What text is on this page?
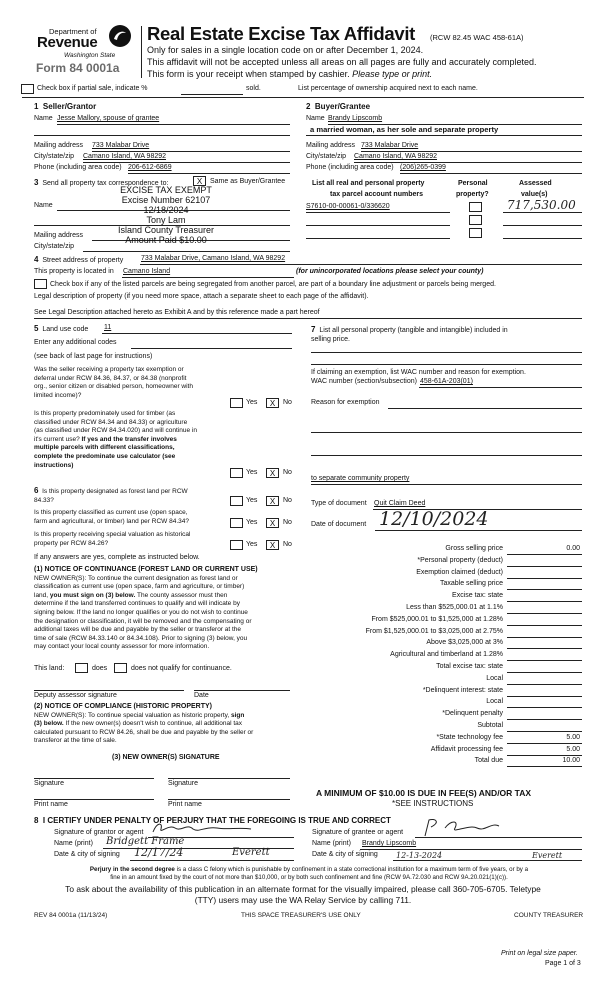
Department of
Revenue
Washington State
Form 84 0001a
Real Estate Excise Tax Affidavit (RCW 82.45 WAC 458-61A)
Only for sales in a single location code on or after December 1, 2024.
This affidavit will not be accepted unless all areas on all pages are fully and accurately completed.
This form is your receipt when stamped by cashier. Please type or print.
Check box if partial sale, indicate %	sold.	List percentage of ownership acquired next to each name.
1 Seller/Grantor
Name Jesse Mallory, spouse of grantee
Mailing address 733 Malabar Drive
City/state/zip Camano Island, WA 98292
Phone (including area code) 206-612-6869
2 Buyer/Grantee
Name Brandy Lipscomb
a married woman, as her sole and separate property
Mailing address 733 Malabar Drive
City/state/zip Camano Island, WA 98292
Phone (including area code) (206)265-0399
3 Send all property tax correspondence to:	X	Same as Buyer/Grantee
Name
Mailing address
City/state/zip
EXCISE TAX EXEMPT
Excise Number 62107
12/18/2024
Tony Lam
Island County Treasurer
Amount Paid $10.00
List all real and personal property
tax parcel account numbers
Personal
property?
Assessed
value(s)
S7610-00-00061-0/336620	717,530.00
4 Street address of property	733 Malabar Drive, Camano Island, WA 98292
This property is located in Camano Island	(for unincorporated locations please select your county)
Check box if any of the listed parcels are being segregated from another parcel, are part of a boundary line adjustment or parcels being merged.
Legal description of property (if you need more space, attach a separate sheet to each page of the affidavit).
See Legal Description attached hereto as Exhibit A and by this reference made a part hereof
5 Land use code 11
Enter any additional codes
(see back of last page for instructions)
Was the seller receiving a property tax exemption or
deferral under RCW 84.36, 84.37, or 84.38 (nonprofit
org., senior citizen or disabled person, homeowner with
limited income)?
Yes	X	No
Is this property predominately used for timber (as
classified under RCW 84.34 and 84.33) or agriculture
(as classified under RCW 84.34.020) and will continue in
it's current use? If yes and the transfer involves
multiple parcels with different classifications,
complete the predominate use calculator (see
instructions)
Yes	X	No
7 List all personal property (tangible and intangible) included in
selling price.
If claiming an exemption, list WAC number and reason for exemption.
WAC number (section/subsection) 458-61A-203(01)
Reason for exemption
to separate community property
Type of document Quit Claim Deed
Date of document 12/10/2024
6 Is this property designated as forest land per RCW
84.33?	Yes	X	No
Is this property classified as current use (open space,
farm and agricultural, or timber) land per RCW 84.34?	Yes	X	No
Is this property receiving special valuation as historical
property per RCW 84.26?	Yes	X	No
If any answers are yes, complete as instructed below.
(1) NOTICE OF CONTINUANCE (FOREST LAND OR CURRENT USE)
NEW OWNER(S): To continue the current designation as forest land or
classification as current use (open space, farm and agriculture, or timber)
land, you must sign on (3) below. The county assessor must then
determine if the land transferred continues to qualify and will indicate by
signing below. If the land no longer qualifies or you do not wish to continue
the designation or classification, it will be removed and the compensating or
additional taxes will be due and payable by the seller or transferor at the
time of sale (RCW 84.33.140 or 84.34.108). Prior to signing (3) below, you
may contact your local county assessor for more information.
This land:	does	does not qualify for continuance.
Deputy assessor signature	Date
(2) NOTICE OF COMPLIANCE (HISTORIC PROPERTY)
NEW OWNER(S): To continue special valuation as historic property, sign
(3) below. If the new owner(s) doesn't wish to continue, all additional tax
calculated pursuant to RCW 84.26, shall be due and payable by the seller or
transferor at the time of sale.
(3) NEW OWNER(S) SIGNATURE
Signature	Signature
Print name	Print name
Gross selling price	0.00
*Personal property (deduct)
Exemption claimed (deduct)
Taxable selling price
Excise tax: state
Less than $525,000.01 at 1.1%
From $525,000.01 to $1,525,000 at 1.28%
From $1,525,000.01 to $3,025,000 at 2.75%
Above $3,025,000 at 3%
Agricultural and timberland at 1.28%
Total excise tax: state
Local
*Delinquent interest: state
Local
*Delinquent penalty
Subtotal
*State technology fee	5.00
Affidavit processing fee	5.00
Total due	10.00
A MINIMUM OF $10.00 IS DUE IN FEE(S) AND/OR TAX
*SEE INSTRUCTIONS
8 I CERTIFY UNDER PENALTY OF PERJURY THAT THE FOREGOING IS TRUE AND CORRECT
Signature of grantor or agent
Name (print) Bridgett Frame
Date & city of signing 12/17/24	Everett
Signature of grantee or agent
Name (print) Brandy Lipscomb
Date & city of signing 12-13-2024	Everett
Perjury in the second degree is a class C felony which is punishable by confinement in a state correctional institution for a maximum term of five years, or by a
fine in an amount fixed by the court of not more than $10,000, or by both such confinement and fine (RCW 9A.72.030 and RCW 9A.20.021(1)(c)).
To ask about the availability of this publication in an alternate format for the visually impaired, please call 360-705-6705. Teletype
(TTY) users may use the WA Relay Service by calling 711.
REV 84 0001a (11/13/24)	THIS SPACE TREASURER'S USE ONLY	COUNTY TREASURER
Print on legal size paper.
Page 1 of 3
